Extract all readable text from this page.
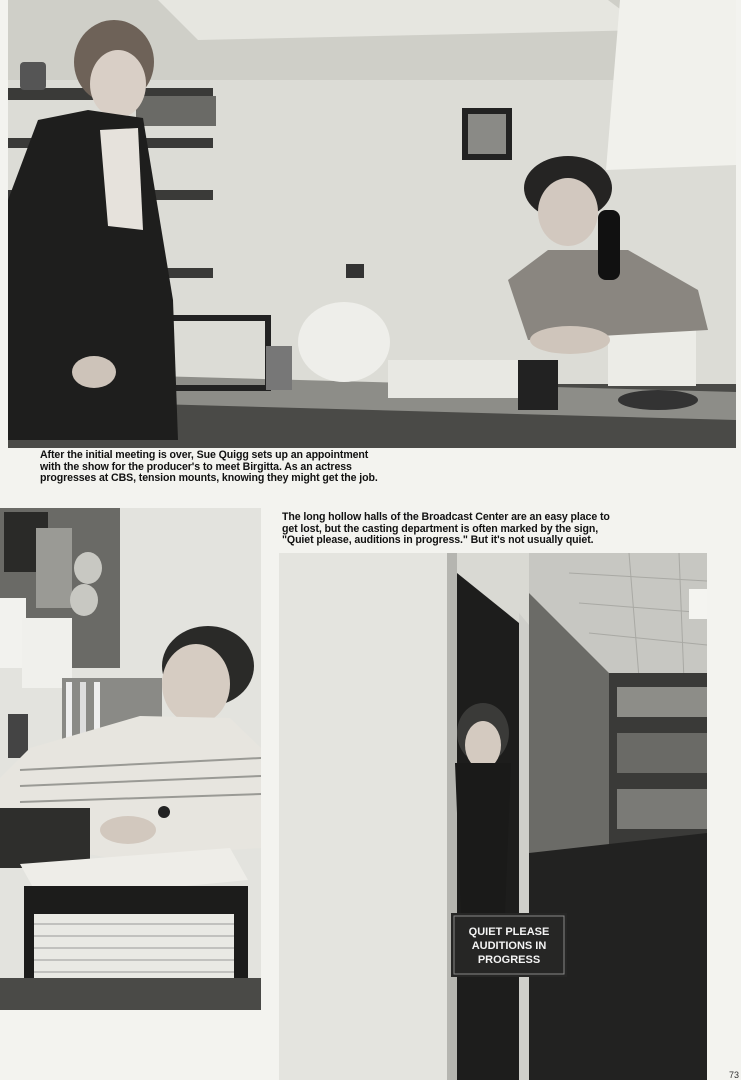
After the initial meeting is over, Sue Quigg sets up an appointment
with the show for the producer's to meet Birgitta. As an actress
progresses at CBS, tension mounts, knowing they might get the job.
The long hollow halls of the Broadcast Center are an easy place to
get lost, but the casting department is often marked by the sign,
"Quiet please, auditions in progress." But it's not usually quiet.
QUIET PLEASE
AUDITIONS IN
PROGRESS
73
